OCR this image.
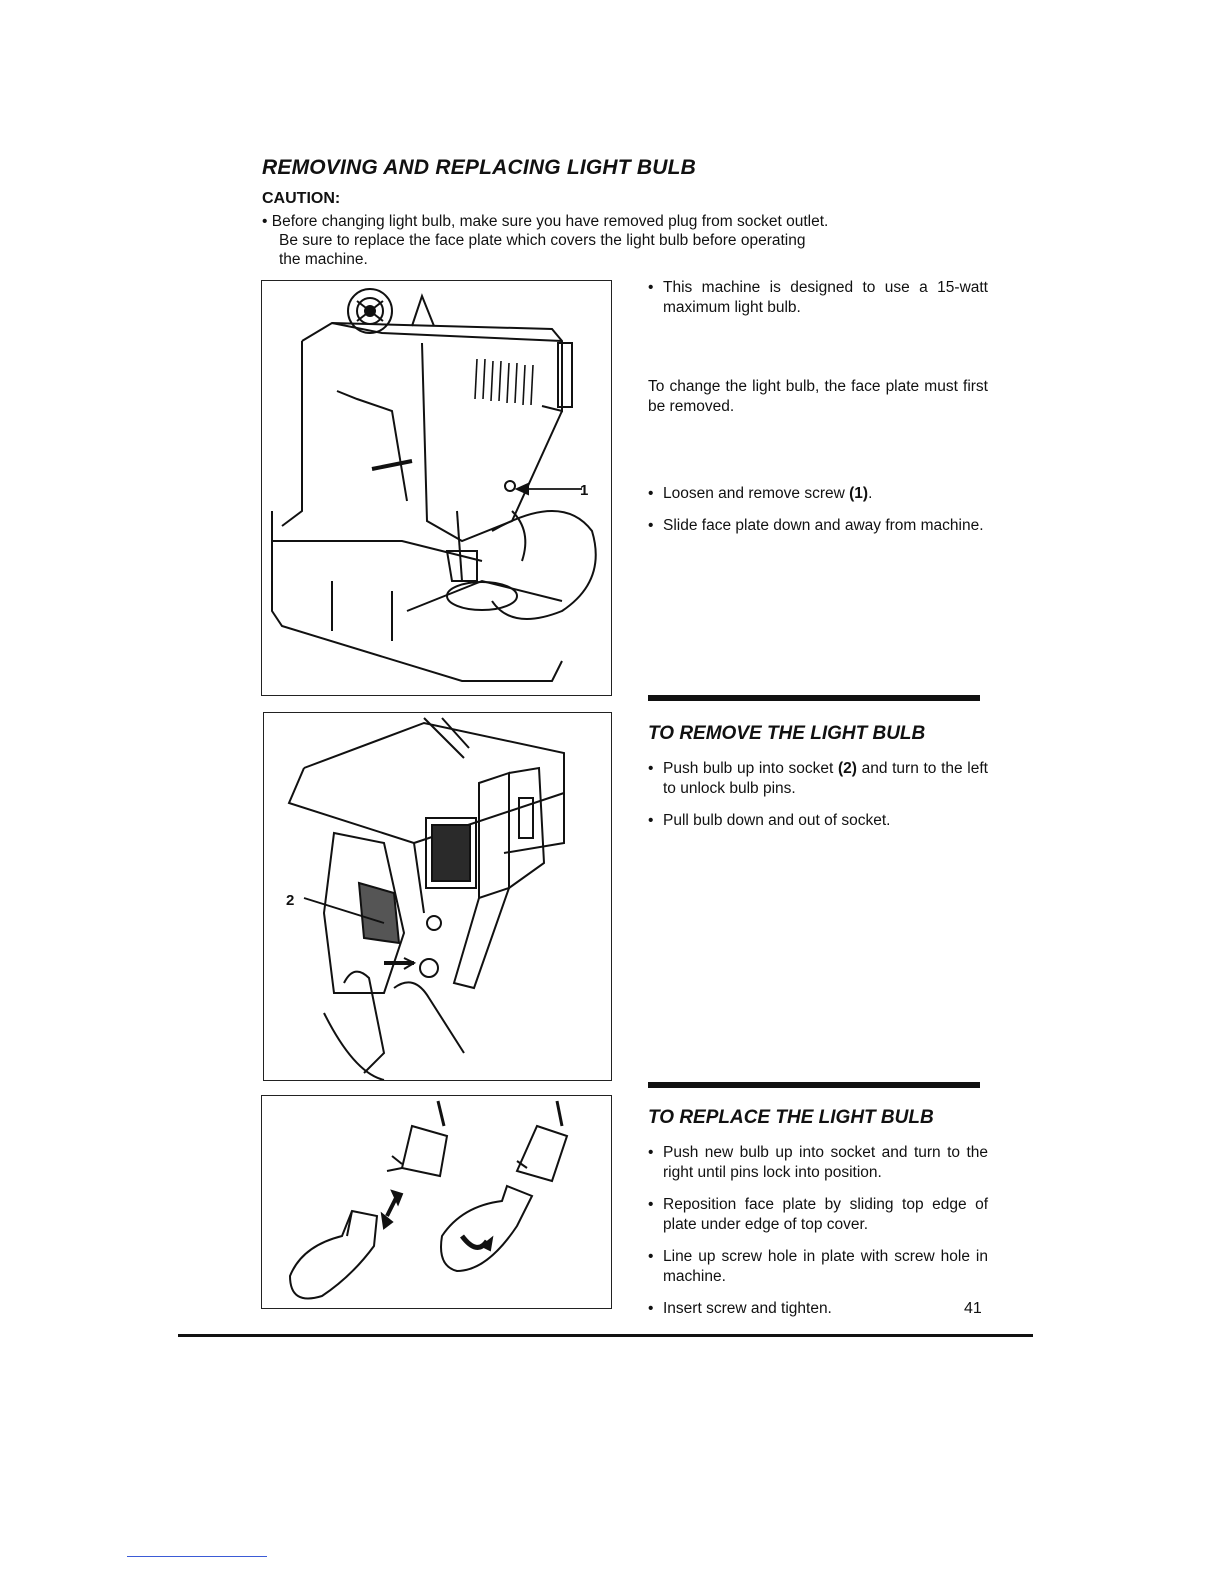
REMOVING AND REPLACING LIGHT BULB
CAUTION:
• Before changing light bulb, make sure you have removed plug from socket outlet.
Be sure to replace the face plate which covers the light bulb before operating
the machine.
1
2
• This machine is designed to use a 15-watt maximum light bulb.
To change the light bulb, the face plate must first be removed.
• Loosen and remove screw (1).
• Slide face plate down and away from machine.
TO REMOVE THE LIGHT BULB
• Push bulb up into socket (2) and turn to the left to unlock bulb pins.
• Pull bulb down and out of socket.
TO REPLACE THE LIGHT BULB
• Push new bulb up into socket and turn to the right until pins lock into position.
• Reposition face plate by sliding top edge of plate under edge of top cover.
• Line up screw hole in plate with screw hole in machine.
• Insert screw and tighten.	41
